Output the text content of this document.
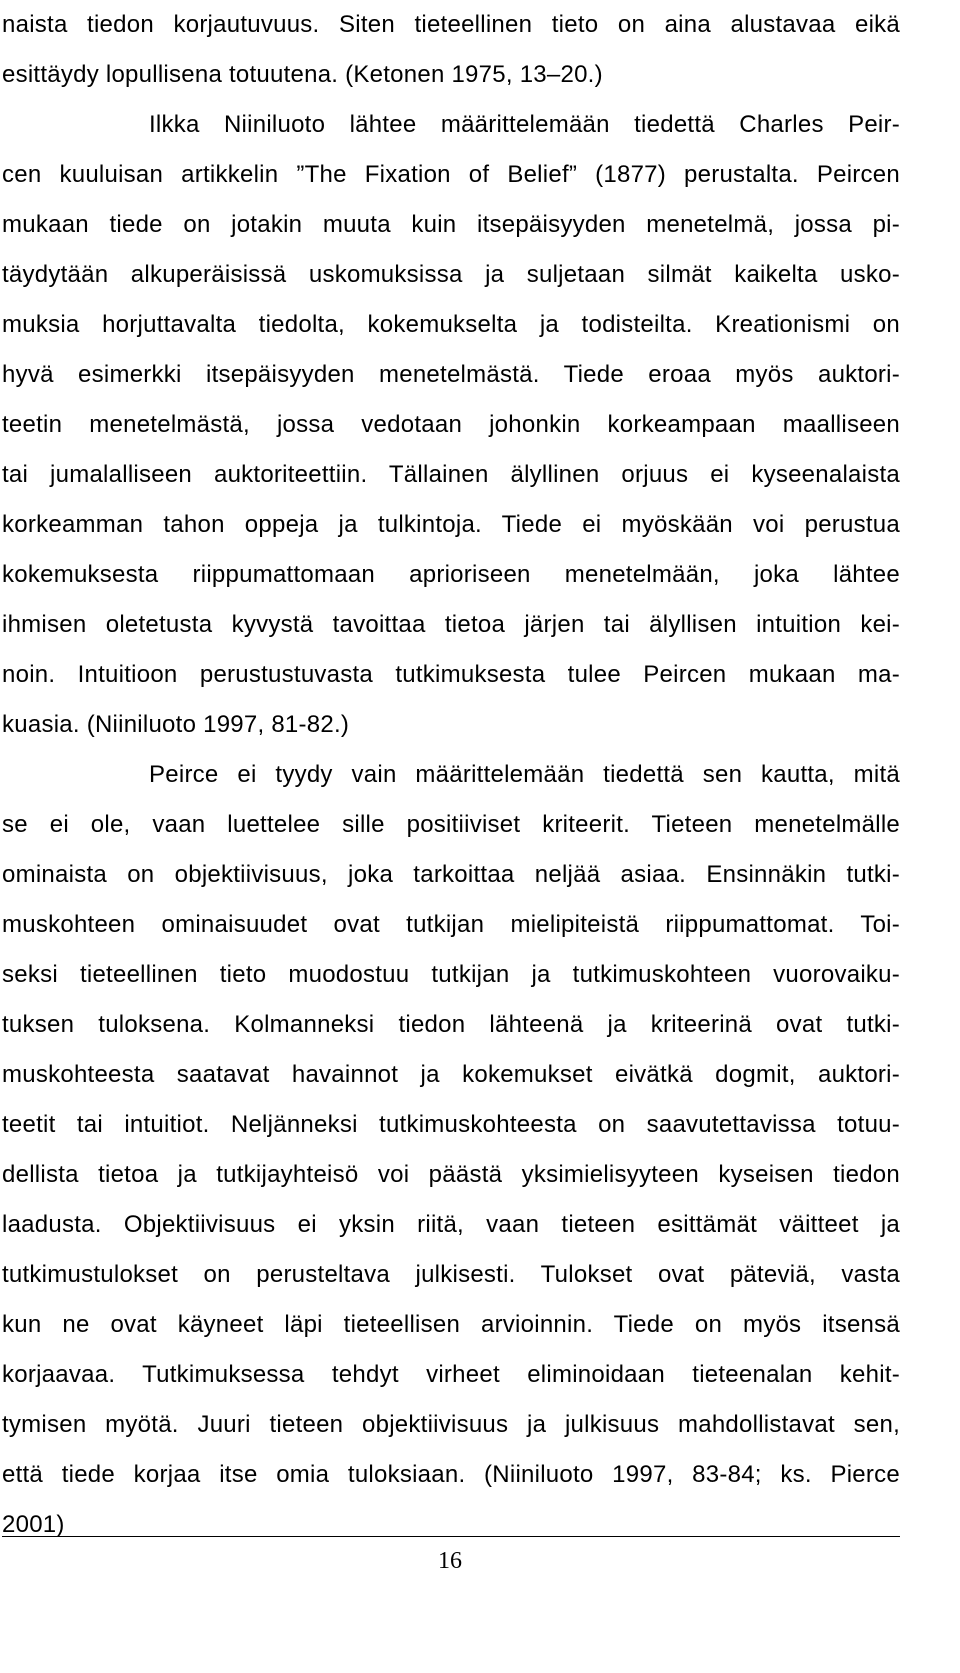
naista tiedon korjautuvuus. Siten tieteellinen tieto on aina alustavaa eikä
esittäydy lopullisena totuutena. (Ketonen 1975, 13–20.)
Ilkka Niiniluoto lähtee määrittelemään tiedettä Charles Peir-
cen kuuluisan artikkelin ”The Fixation of Belief” (1877) perustalta. Peircen
mukaan tiede on jotakin muuta kuin itsepäisyyden menetelmä, jossa pi-
täydytään alkuperäisissä uskomuksissa ja suljetaan silmät kaikelta usko-
muksia horjuttavalta tiedolta, kokemukselta ja todisteilta. Kreationismi on
hyvä esimerkki itsepäisyyden menetelmästä. Tiede eroaa myös auktori-
teetin menetelmästä, jossa vedotaan johonkin korkeampaan maalliseen
tai jumalalliseen auktoriteettiin. Tällainen älyllinen orjuus ei kyseenalaista
korkeamman tahon oppeja ja tulkintoja. Tiede ei myöskään voi perustua
kokemuksesta riippumattomaan aprioriseen menetelmään, joka lähtee
ihmisen oletetusta kyvystä tavoittaa tietoa järjen tai älyllisen intuition kei-
noin. Intuitioon perustustuvasta tutkimuksesta tulee Peircen mukaan ma-
kuasia. (Niiniluoto 1997, 81-82.)
Peirce ei tyydy vain määrittelemään tiedettä sen kautta, mitä
se ei ole, vaan luettelee sille positiiviset kriteerit. Tieteen menetelmälle
ominaista on objektiivisuus, joka tarkoittaa neljää asiaa. Ensinnäkin tutki-
muskohteen ominaisuudet ovat tutkijan mielipiteistä riippumattomat. Toi-
seksi tieteellinen tieto muodostuu tutkijan ja tutkimuskohteen vuorovaiku-
tuksen tuloksena. Kolmanneksi tiedon lähteenä ja kriteerinä ovat tutki-
muskohteesta saatavat havainnot ja kokemukset eivätkä dogmit, auktori-
teetit tai intuitiot. Neljänneksi tutkimuskohteesta on saavutettavissa totuu-
dellista tietoa ja tutkijayhteisö voi päästä yksimielisyyteen kyseisen tiedon
laadusta. Objektiivisuus ei yksin riitä, vaan tieteen esittämät väitteet ja
tutkimustulokset on perusteltava julkisesti. Tulokset ovat päteviä, vasta
kun ne ovat käyneet läpi tieteellisen arvioinnin. Tiede on myös itsensä
korjaavaa. Tutkimuksessa tehdyt virheet eliminoidaan tieteenalan kehit-
tymisen myötä. Juuri tieteen objektiivisuus ja julkisuus mahdollistavat sen,
että tiede korjaa itse omia tuloksiaan. (Niiniluoto 1997, 83-84; ks. Pierce
2001)
16
